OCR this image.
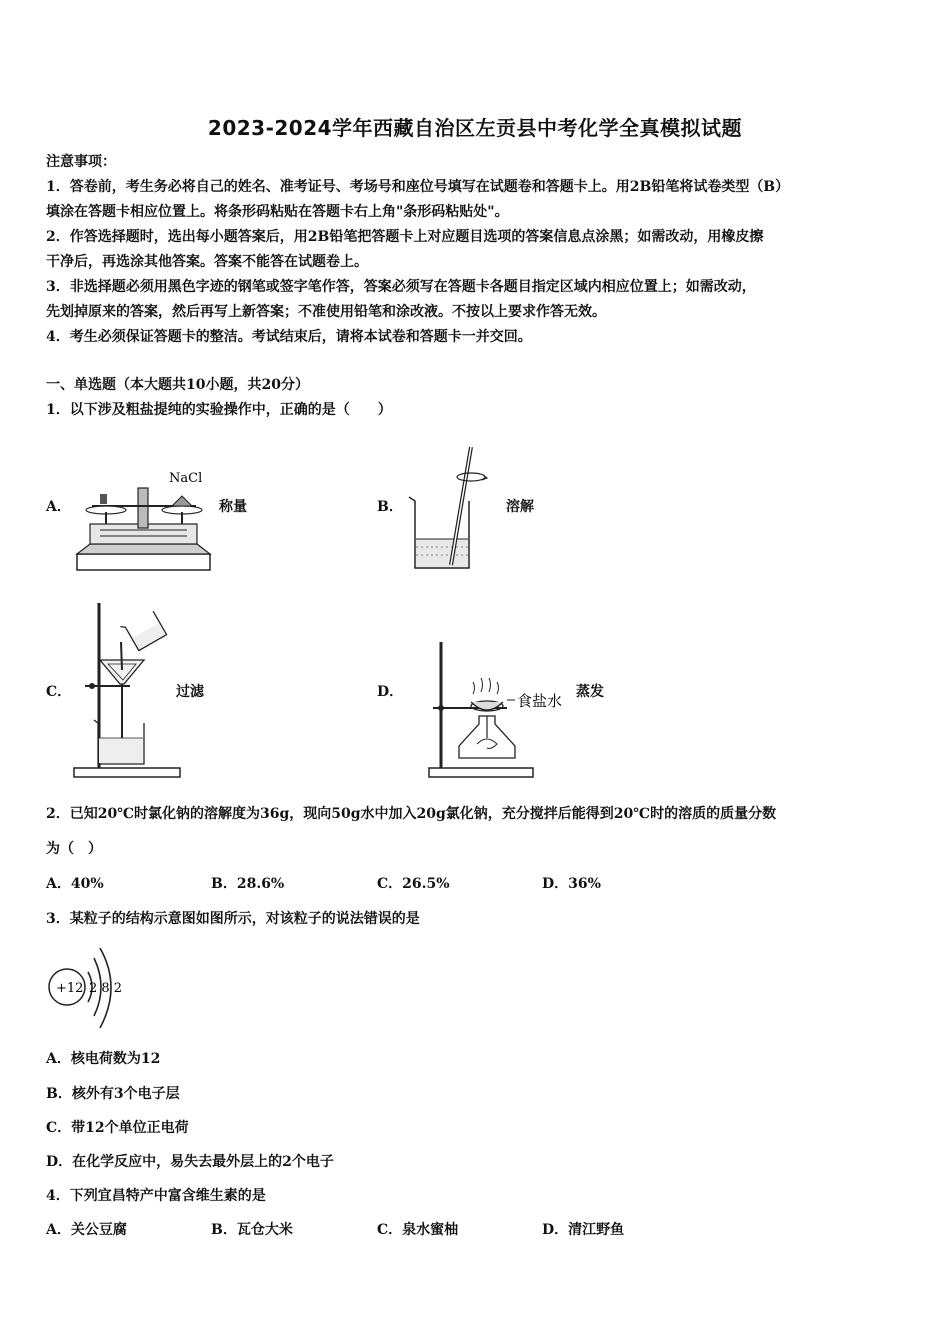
2023-2024学年西藏自治区左贡县中考化学全真模拟试题
注意事项：
1．答卷前，考生务必将自己的姓名、准考证号、考场号和座位号填写在试题卷和答题卡上。用2B铅笔将试卷类型（B）
填涂在答题卡相应位置上。将条形码粘贴在答题卡右上角"条形码粘贴处"。
2．作答选择题时，选出每小题答案后，用2B铅笔把答题卡上对应题目选项的答案信息点涂黑；如需改动，用橡皮擦
干净后，再选涂其他答案。答案不能答在试题卷上。
3．非选择题必须用黑色字迹的钢笔或签字笔作答，答案必须写在答题卡各题目指定区域内相应位置上；如需改动，
先划掉原来的答案，然后再写上新答案；不准使用铅笔和涂改液。不按以上要求作答无效。
4．考生必须保证答题卡的整洁。考试结束后，请将本试卷和答题卡一并交回。
一、单选题（本大题共10小题，共20分）
1．以下涉及粗盐提纯的实验操作中，正确的是（　　）
A．
NaCl
称量	B．	溶解
C．	过滤	D．	食盐水 蒸发
2．已知20℃时氯化钠的溶解度为36g，现向50g水中加入20g氯化钠，充分搅拌后能得到20℃时的溶质的质量分数
为（　）
A．40%	B．28.6%	C．26.5%	D．36%
3．某粒子的结构示意图如图所示，对该粒子的说法错误的是
+12 2 8 2
A．核电荷数为12
B．核外有3个电子层
C．带12个单位正电荷
D．在化学反应中，易失去最外层上的2个电子
4．下列宜昌特产中富含维生素的是
A．关公豆腐	B．瓦仓大米	C．泉水蜜柚	D．清江野鱼
